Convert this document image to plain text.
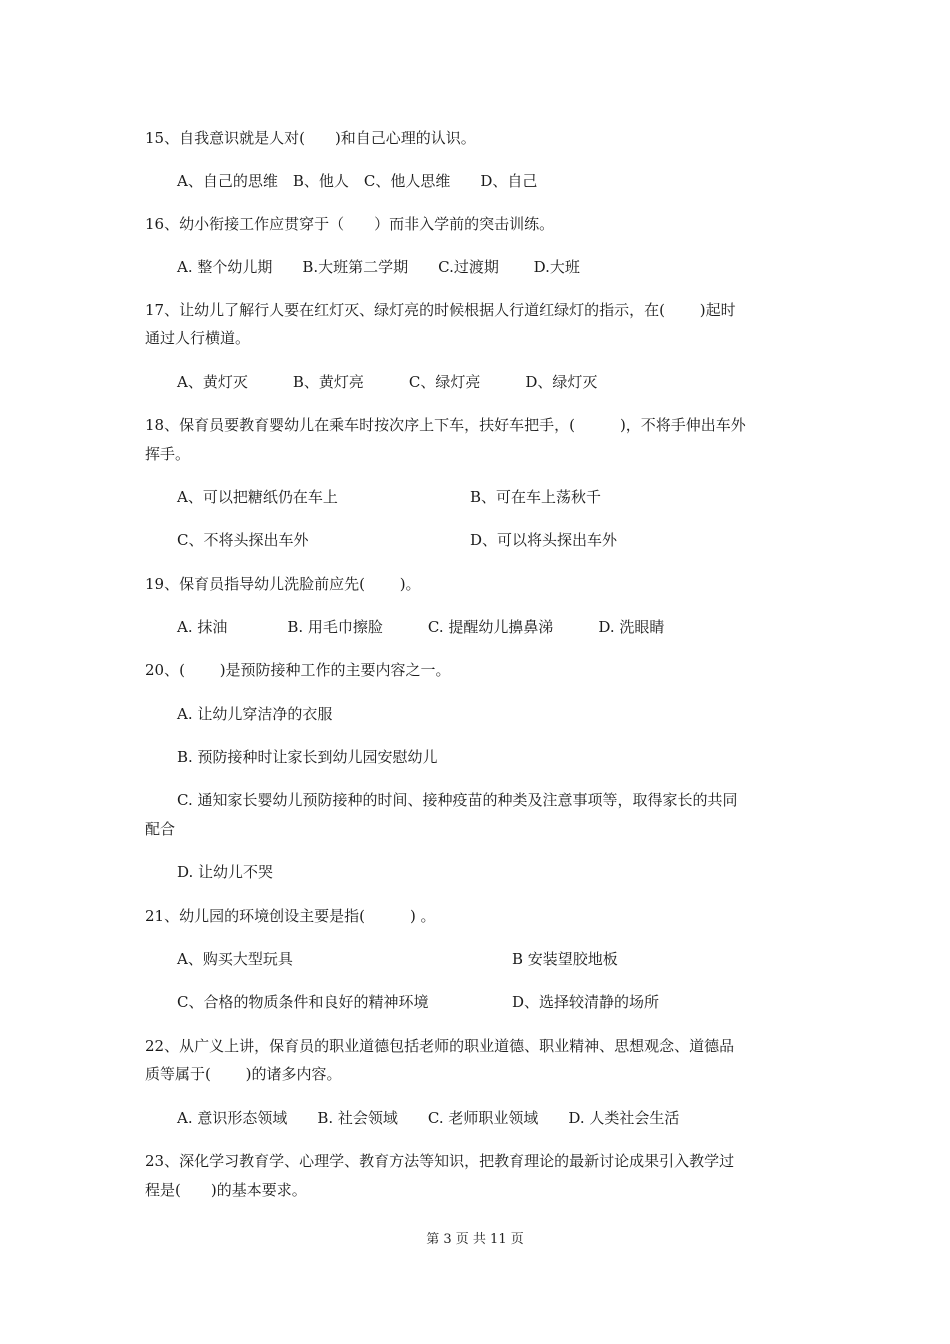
15、自我意识就是人对(　　)和自己心理的认识。
A、自己的思维　B、他人　C、他人思维　　D、自己
16、幼小衔接工作应贯穿于（　　）而非入学前的突击训练。
A. 整个幼儿期　　B.大班第二学期　　C.过渡期　　 D.大班
17、让幼儿了解行人要在红灯灭、绿灯亮的时候根据人行道红绿灯的指示，在(　　 )起时
通过人行横道。
A、黄灯灭　　　B、黄灯亮　　　C、绿灯亮　　　D、绿灯灭
18、保育员要教育婴幼儿在乘车时按次序上下车，扶好车把手，(　　　)，不将手伸出车外
挥手。
A、可以把糖纸仍在车上	B、可在车上荡秋千
C、不将头探出车外	D、可以将头探出车外
19、保育员指导幼儿洗脸前应先(　　 )。
A. 抹油　　　　B. 用毛巾擦脸　　　C. 提醒幼儿擤鼻涕　　　D. 洗眼睛
20、(　　 )是预防接种工作的主要内容之一。
A. 让幼儿穿洁净的衣服
B. 预防接种时让家长到幼儿园安慰幼儿
C. 通知家长婴幼儿预防接种的时间、接种疫苗的种类及注意事项等，取得家长的共同
配合
D. 让幼儿不哭
21、幼儿园的环境创设主要是指(　　　) 。
A、购买大型玩具	B 安装望胶地板
C、合格的物质条件和良好的精神环境	D、选择较清静的场所
22、从广义上讲，保育员的职业道德包括老师的职业道德、职业精神、思想观念、道德品
质等属于(　　 )的诸多内容。
A. 意识形态领域　　B. 社会领域　　C. 老师职业领域　　D. 人类社会生活
23、深化学习教育学、心理学、教育方法等知识，把教育理论的最新讨论成果引入教学过
程是(　　)的基本要求。
第 3 页 共 11 页
